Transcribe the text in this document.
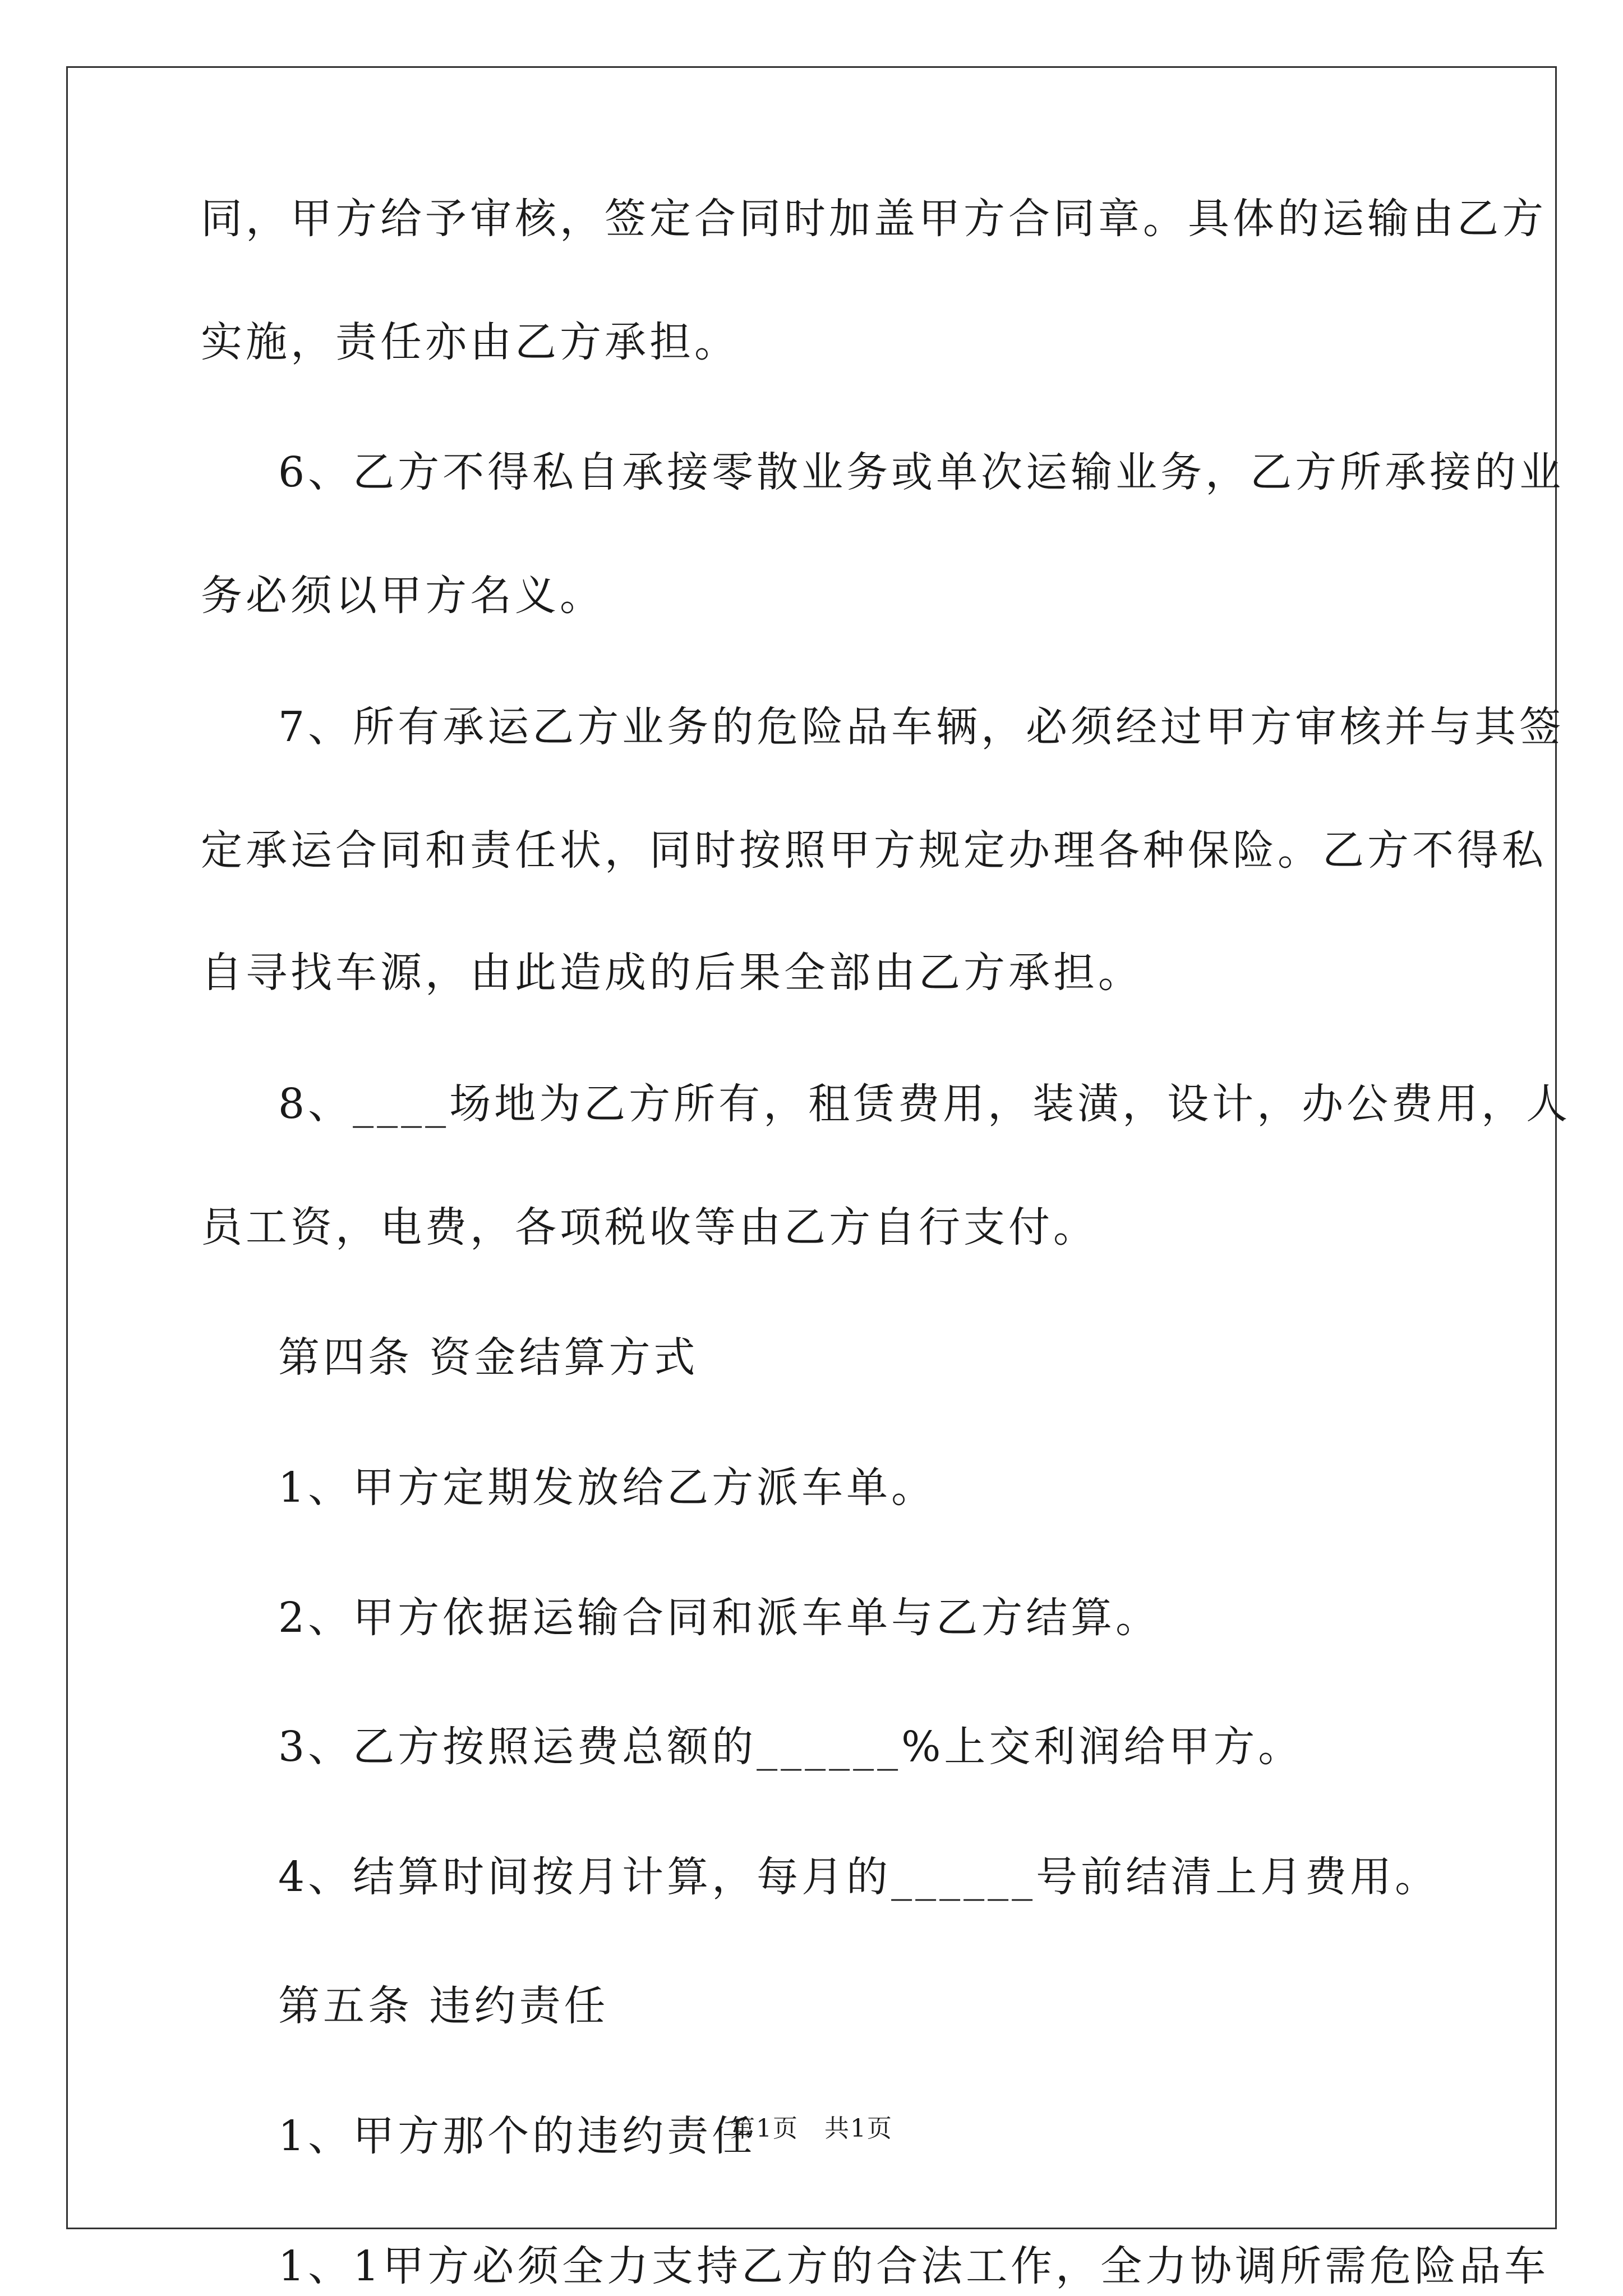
同，甲方给予审核，签定合同时加盖甲方合同章。具体的运输由乙方
实施，责任亦由乙方承担。
6、乙方不得私自承接零散业务或单次运输业务，乙方所承接的业
务必须以甲方名义。
7、所有承运乙方业务的危险品车辆，必须经过甲方审核并与其签
定承运合同和责任状，同时按照甲方规定办理各种保险。乙方不得私
自寻找车源，由此造成的后果全部由乙方承担。
8、____场地为乙方所有，租赁费用，装潢，设计，办公费用，人
员工资，电费，各项税收等由乙方自行支付。
第四条 资金结算方式
1、甲方定期发放给乙方派车单。
2、甲方依据运输合同和派车单与乙方结算。
3、乙方按照运费总额的______%上交利润给甲方。
4、结算时间按月计算，每月的______号前结清上月费用。
第五条 违约责任
1、甲方那个的违约责任
1、1甲方必须全力支持乙方的合法工作，全力协调所需危险品车
第1页　共1页
